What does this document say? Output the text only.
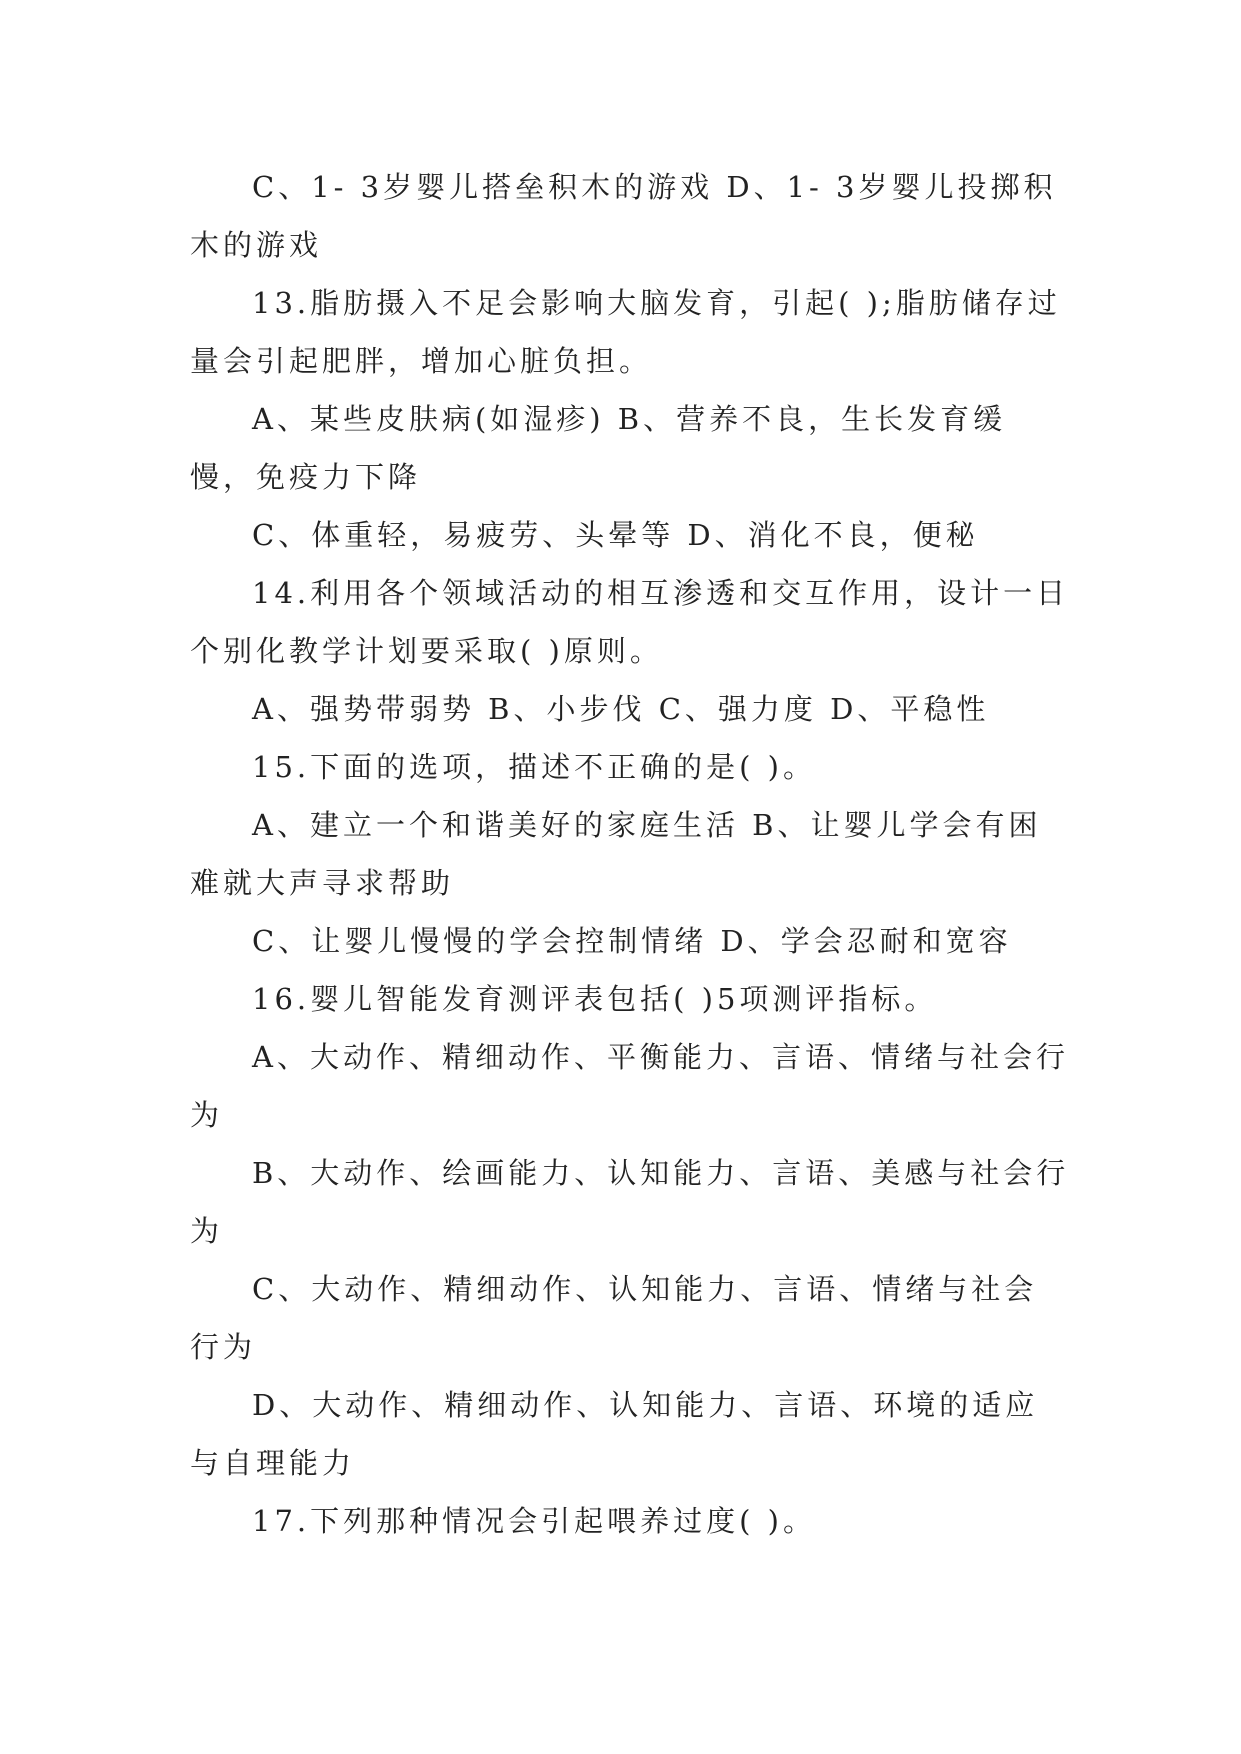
C、1- 3岁婴儿搭垒积木的游戏 D、1- 3岁婴儿投掷积木的游戏

13.脂肪摄入不足会影响大脑发育，引起( );脂肪储存过量会引起肥胖，增加心脏负担。

A、某些皮肤病(如湿疹) B、营养不良，生长发育缓慢，免疫力下降

C、体重轻，易疲劳、头晕等 D、消化不良，便秘

14.利用各个领域活动的相互渗透和交互作用，设计一日个别化教学计划要采取( )原则。

A、强势带弱势 B、小步伐 C、强力度 D、平稳性

15.下面的选项，描述不正确的是( )。

A、建立一个和谐美好的家庭生活 B、让婴儿学会有困难就大声寻求帮助

C、让婴儿慢慢的学会控制情绪 D、学会忍耐和宽容

16.婴儿智能发育测评表包括( )5项测评指标。

A、大动作、精细动作、平衡能力、言语、情绪与社会行为

B、大动作、绘画能力、认知能力、言语、美感与社会行为

C、大动作、精细动作、认知能力、言语、情绪与社会行为

D、大动作、精细动作、认知能力、言语、环境的适应与自理能力

17.下列那种情况会引起喂养过度( )。
